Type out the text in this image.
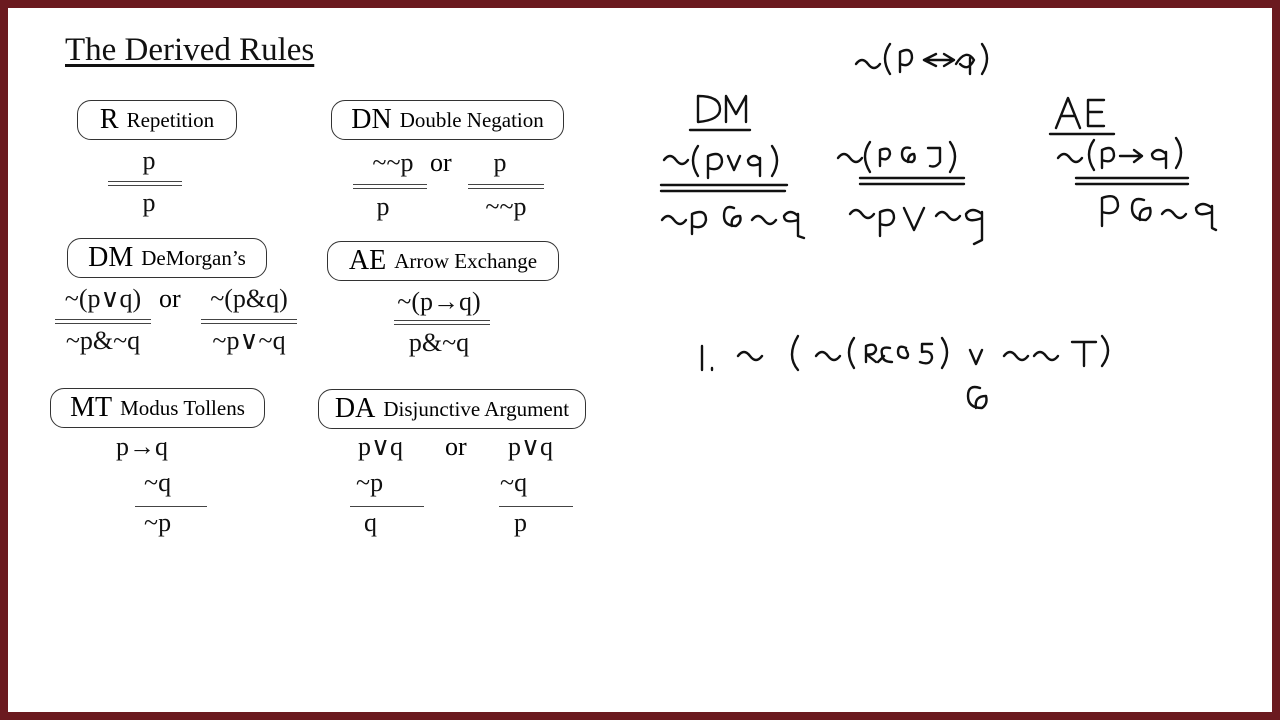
The Derived Rules
R Repetition
p
p
DN Double Negation
~~p
p
or	p
~~p
DM DeMorgan’s
~(p∨q)
~p&~q
or	~(p&q)
~p∨~q
AE Arrow Exchange
~(p→q)
p&~q
MT Modus Tollens
p→q
~q
~p
DA Disjunctive Argument
p∨q
~p
q
or p∨q
~q
p
